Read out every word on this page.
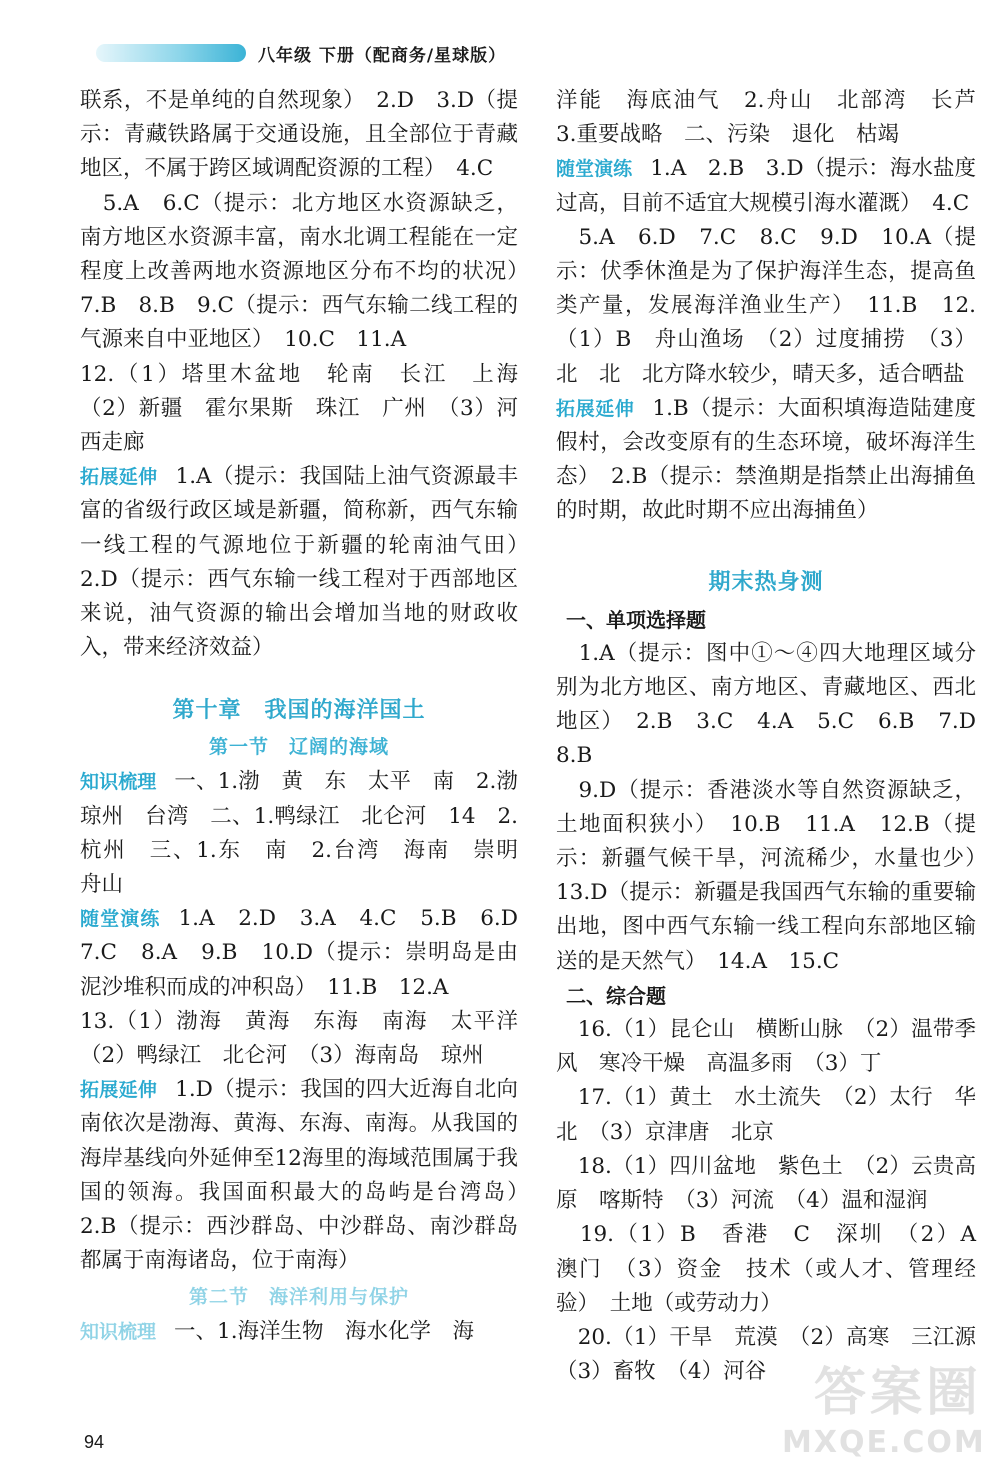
八年级 下册（配商务/星球版）

联系，不是单纯的自然现象）　2.D　3.D（提示：青藏铁路属于交通设施，且全部位于青藏地区，不属于跨区域调配资源的工程）　4.C

　5.A　6.C（提示：北方地区水资源缺乏，南方地区水资源丰富，南水北调工程能在一定程度上改善两地水资源地区分布不均的状况）　7.B　8.B　9.C（提示：西气东输二线工程的气源来自中亚地区）　10.C　11.A

12.（1）塔里木盆地　轮南　长江　上海　（2）新疆　霍尔果斯　珠江　广州　（3）河西走廊

拓展延伸 1.A（提示：我国陆上油气资源最丰富的省级行政区域是新疆，简称新，西气东输一线工程的气源地位于新疆的轮南油气田）　2.D（提示：西气东输一线工程对于西部地区来说，油气资源的输出会增加当地的财政收入，带来经济效益）

第十章　我国的海洋国土
第一节　辽阔的海域

知识梳理 一、1.渤　黄　东　太平　南　2.渤　琼州　台湾　二、1.鸭绿江　北仑河　14　2.杭州　三、1.东　南　2.台湾　海南　崇明　舟山

随堂演练 1.A　2.D　3.A　4.C　5.B　6.D　7.C　8.A　9.B　10.D（提示：崇明岛是由泥沙堆积而成的冲积岛）　11.B　12.A

13.（1）渤海　黄海　东海　南海　太平洋　（2）鸭绿江　北仑河　（3）海南岛　琼州

拓展延伸 1.D（提示：我国的四大近海自北向南依次是渤海、黄海、东海、南海。从我国的海岸基线向外延伸至12海里的海域范围属于我国的领海。我国面积最大的岛屿是台湾岛）　2.B（提示：西沙群岛、中沙群岛、南沙群岛都属于南海诸岛，位于南海）

第二节　海洋利用与保护

知识梳理 一、1.海洋生物　海水化学　海

洋能　海底油气　2.舟山　北部湾　长芦　3.重要战略　二、污染　退化　枯竭

随堂演练 1.A　2.B　3.D（提示：海水盐度过高，目前不适宜大规模引海水灌溉）　4.C

　5.A　6.D　7.C　8.C　9.D　10.A（提示：伏季休渔是为了保护海洋生态，提高鱼类产量，发展海洋渔业生产）　11.B　12.（1）B　舟山渔场　（2）过度捕捞　（3）北　北　北方降水较少，晴天多，适合晒盐

拓展延伸 1.B（提示：大面积填海造陆建度假村，会改变原有的生态环境，破坏海洋生态）　2.B（提示：禁渔期是指禁止出海捕鱼的时期，故此时期不应出海捕鱼）

期末热身测
一、单项选择题

　1.A（提示：图中①～④四大地理区域分别为北方地区、南方地区、青藏地区、西北地区）　2.B　3.C　4.A　5.C　6.B　7.D　8.B

　9.D（提示：香港淡水等自然资源缺乏，土地面积狭小）　10.B　11.A　12.B（提示：新疆气候干旱，河流稀少，水量也少）　13.D（提示：新疆是我国西气东输的重要输出地，图中西气东输一线工程向东部地区输送的是天然气）　14.A　15.C

二、综合题

　16.（1）昆仑山　横断山脉　（2）温带季风　寒冷干燥　高温多雨　（3）丁

　17.（1）黄土　水土流失　（2）太行　华北　（3）京津唐　北京

　18.（1）四川盆地　紫色土　（2）云贵高原　喀斯特　（3）河流　（4）温和湿润

　19.（1）B　香港　C　深圳　（2）A　澳门　（3）资金　技术（或人才、管理经验）　土地（或劳动力）

　20.（1）干旱　荒漠　（2）高寒　三江源　（3）畜牧　（4）河谷

94
答案圈
MXQE.COM
